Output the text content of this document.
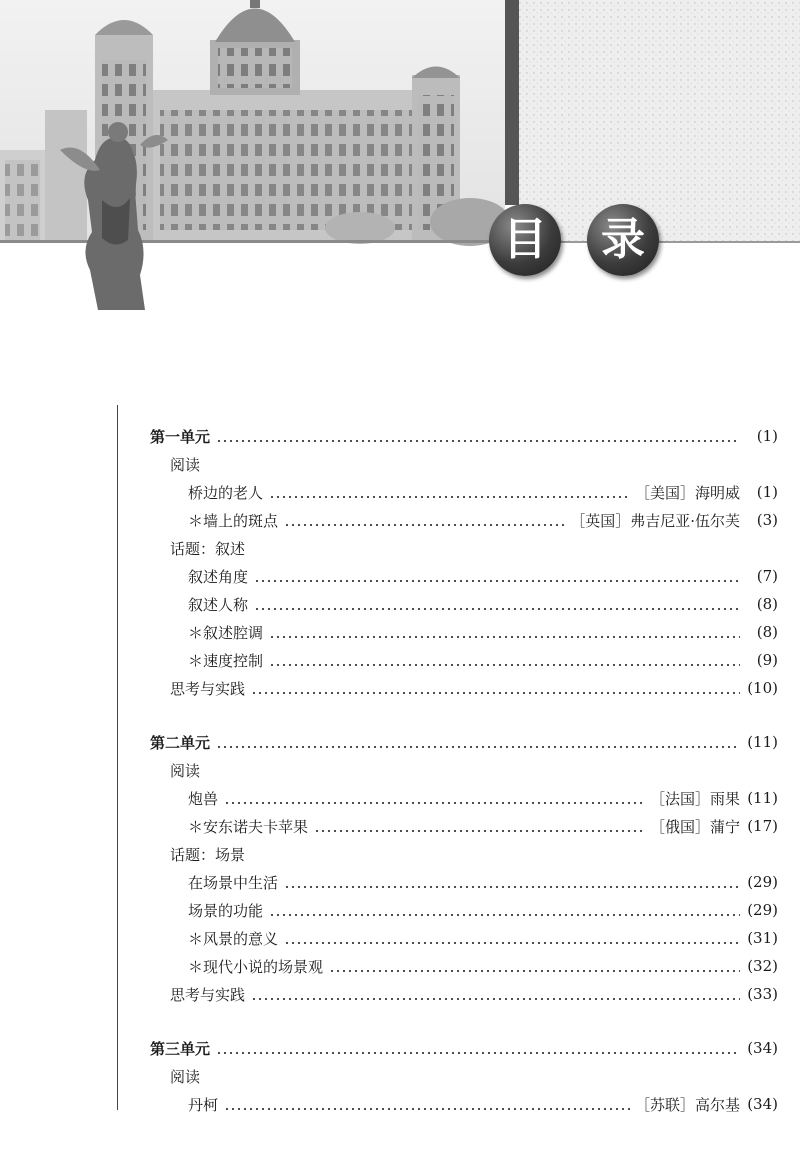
目	录
第一单元	(1)
阅读
桥边的老人	［美国］海明威	(1)
＊墙上的斑点	［英国］弗吉尼亚·伍尔芙	(3)
话题：叙述
叙述角度	(7)
叙述人称	(8)
＊叙述腔调	(8)
＊速度控制	(9)
思考与实践	(10)
第二单元	(11)
阅读
炮兽	［法国］雨果 (11)
＊安东诺夫卡苹果	［俄国］蒲宁 (17)
话题：场景
在场景中生活	(29)
场景的功能	(29)
＊风景的意义	(31)
＊现代小说的场景观	(32)
思考与实践	(33)
第三单元	(34)
阅读
丹柯	［苏联］高尔基 (34)
